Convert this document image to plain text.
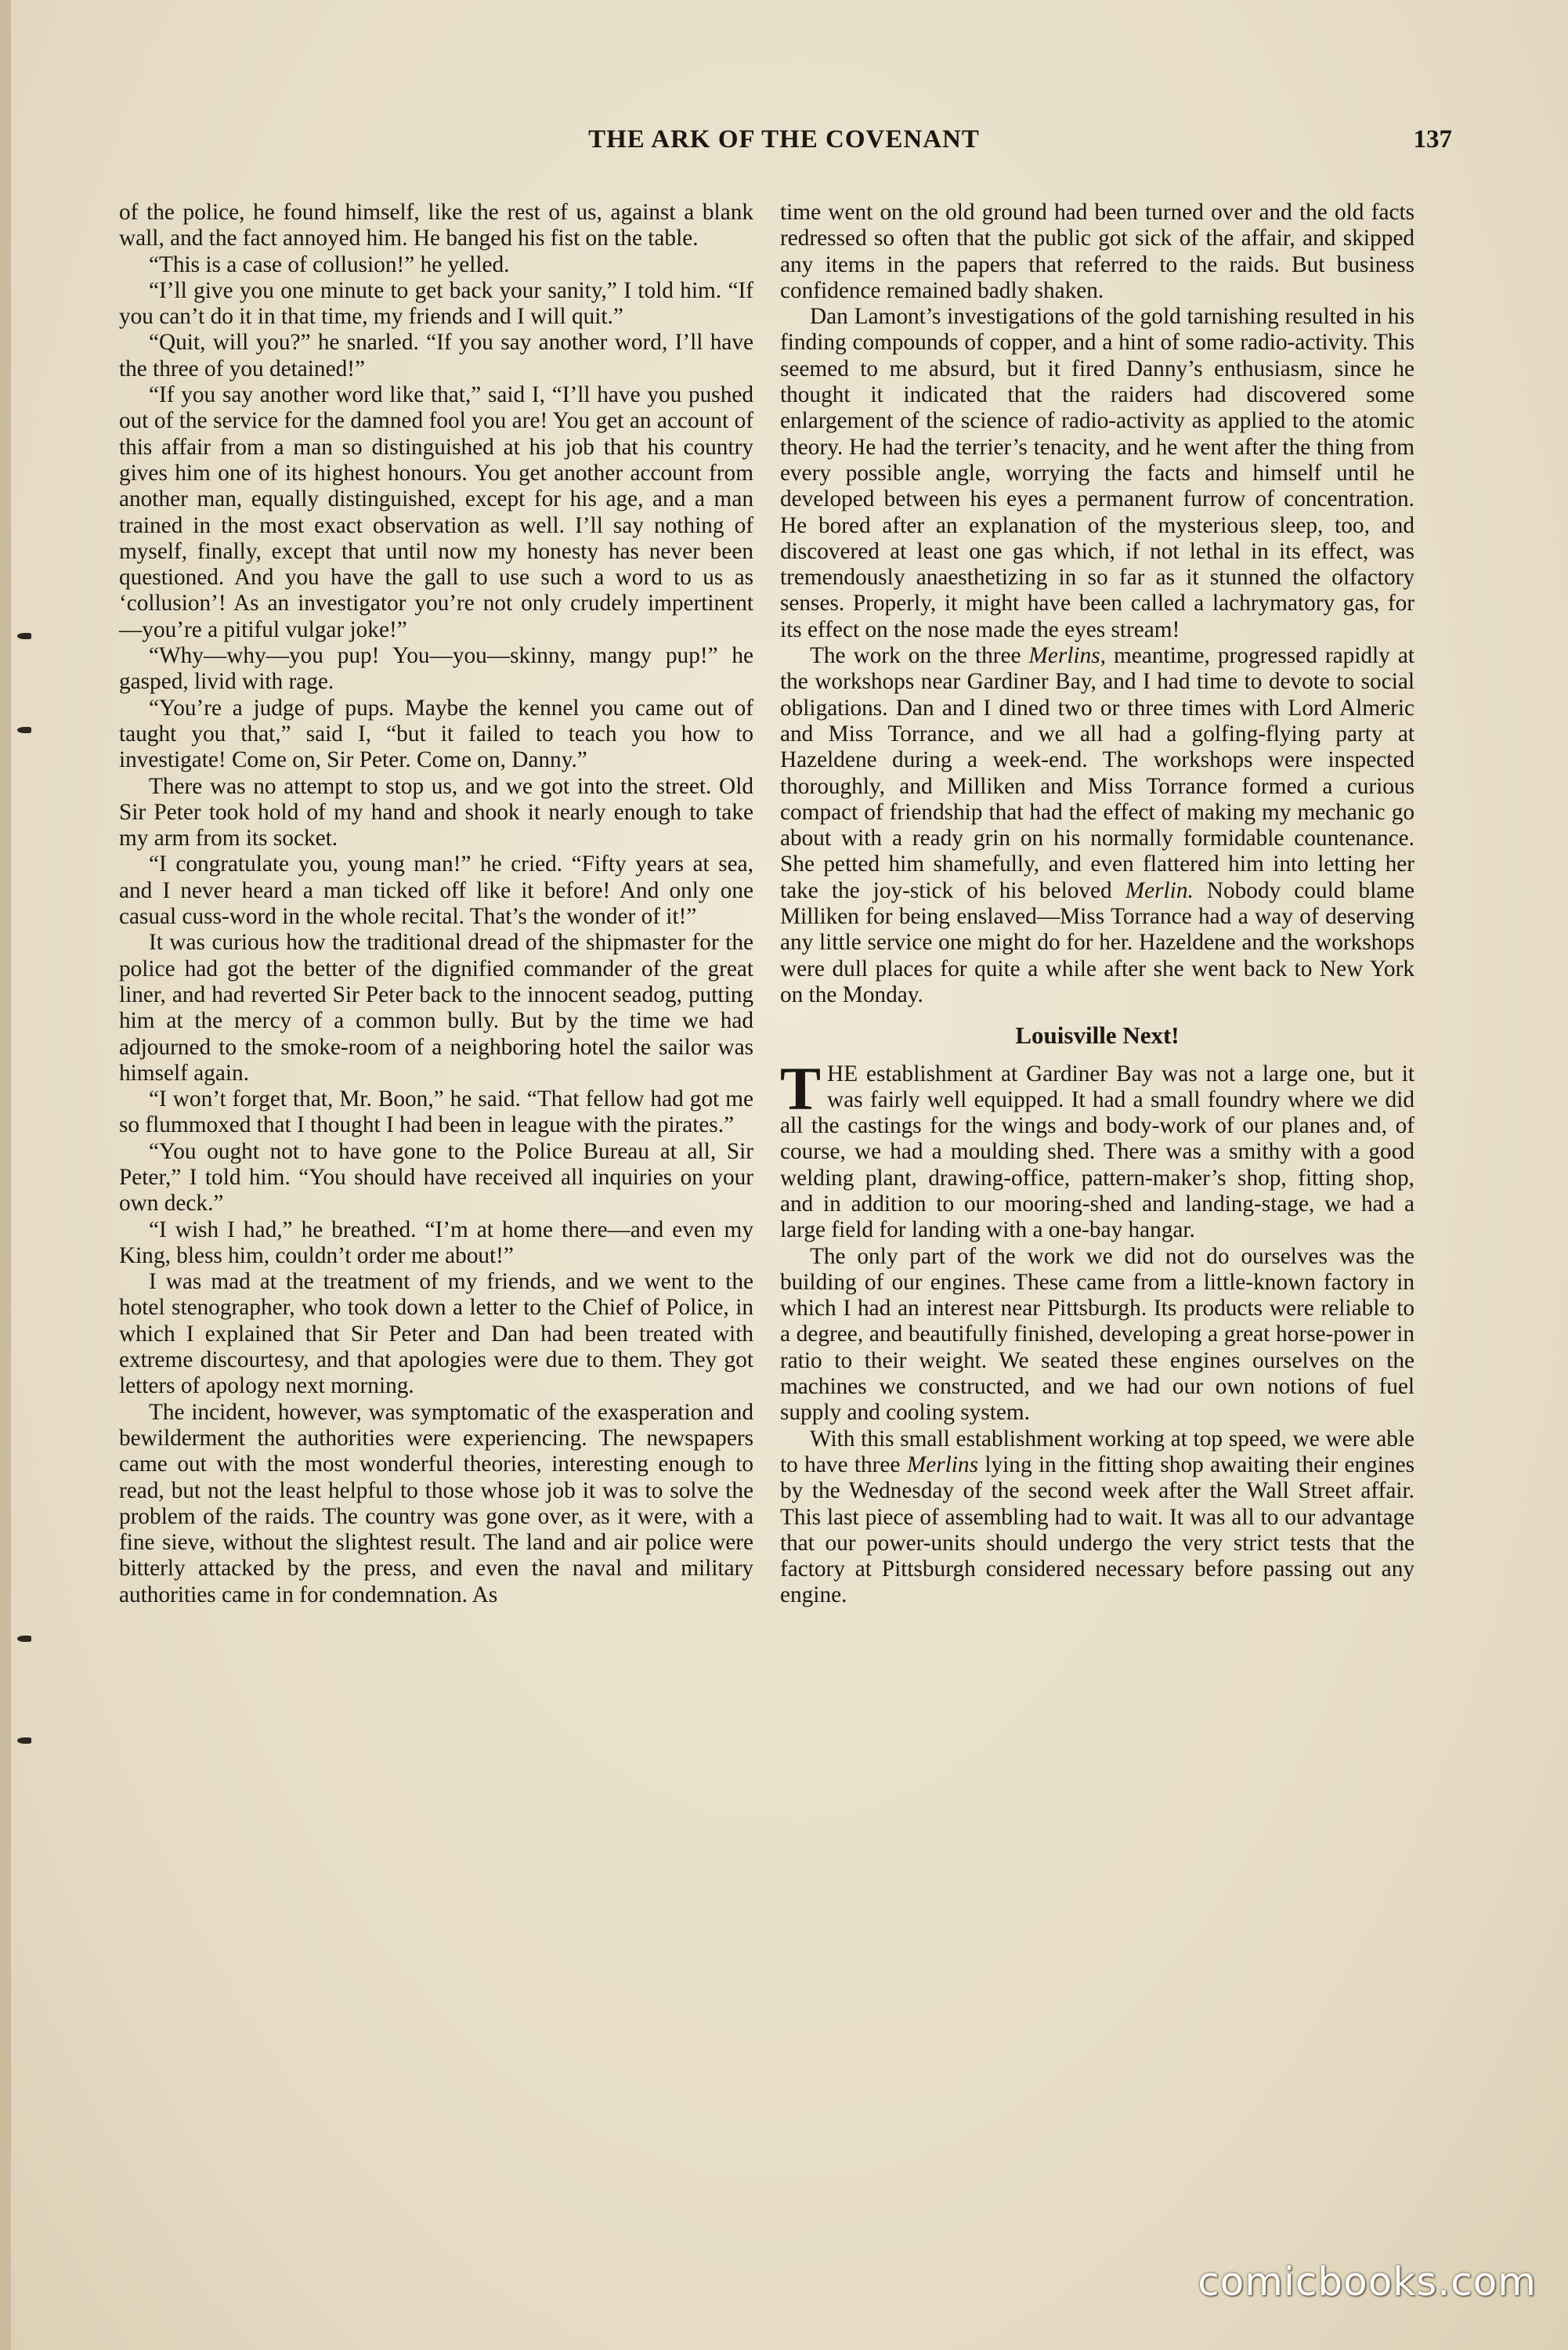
THE ARK OF THE COVENANT	137

of the police, he found himself, like the rest of us, against a blank wall, and the fact annoyed him. He banged his fist on the table.

“This is a case of collusion!” he yelled.

“I’ll give you one minute to get back your sanity,” I told him. “If you can’t do it in that time, my friends and I will quit.”

“Quit, will you?” he snarled. “If you say another word, I’ll have the three of you detained!”

“If you say another word like that,” said I, “I’ll have you pushed out of the service for the damned fool you are! You get an account of this affair from a man so distinguished at his job that his country gives him one of its highest honours. You get another account from another man, equally distinguished, except for his age, and a man trained in the most exact observation as well. I’ll say nothing of myself, finally, except that until now my honesty has never been questioned. And you have the gall to use such a word to us as ‘collusion’! As an investigator you’re not only crudely impertinent—you’re a pitiful vulgar joke!”

“Why—why—you pup! You—you—skinny, mangy pup!” he gasped, livid with rage.

“You’re a judge of pups. Maybe the kennel you came out of taught you that,” said I, “but it failed to teach you how to investigate! Come on, Sir Peter. Come on, Danny.”

There was no attempt to stop us, and we got into the street. Old Sir Peter took hold of my hand and shook it nearly enough to take my arm from its socket.

“I congratulate you, young man!” he cried. “Fifty years at sea, and I never heard a man ticked off like it before! And only one casual cuss-word in the whole recital. That’s the wonder of it!”

It was curious how the traditional dread of the shipmaster for the police had got the better of the dignified commander of the great liner, and had reverted Sir Peter back to the innocent seadog, putting him at the mercy of a common bully. But by the time we had adjourned to the smoke-room of a neighboring hotel the sailor was himself again.

“I won’t forget that, Mr. Boon,” he said. “That fellow had got me so flummoxed that I thought I had been in league with the pirates.”

“You ought not to have gone to the Police Bureau at all, Sir Peter,” I told him. “You should have received all inquiries on your own deck.”

“I wish I had,” he breathed. “I’m at home there—and even my King, bless him, couldn’t order me about!”

I was mad at the treatment of my friends, and we went to the hotel stenographer, who took down a letter to the Chief of Police, in which I explained that Sir Peter and Dan had been treated with extreme discourtesy, and that apologies were due to them. They got letters of apology next morning.

The incident, however, was symptomatic of the exasperation and bewilderment the authorities were experiencing. The newspapers came out with the most wonderful theories, interesting enough to read, but not the least helpful to those whose job it was to solve the problem of the raids. The country was gone over, as it were, with a fine sieve, without the slightest result. The land and air police were bitterly attacked by the press, and even the naval and military authorities came in for condemnation. As

time went on the old ground had been turned over and the old facts redressed so often that the public got sick of the affair, and skipped any items in the papers that referred to the raids. But business confidence remained badly shaken.

Dan Lamont’s investigations of the gold tarnishing resulted in his finding compounds of copper, and a hint of some radio-activity. This seemed to me absurd, but it fired Danny’s enthusiasm, since he thought it indicated that the raiders had discovered some enlargement of the science of radio-activity as applied to the atomic theory. He had the terrier’s tenacity, and he went after the thing from every possible angle, worrying the facts and himself until he developed between his eyes a permanent furrow of concentration. He bored after an explanation of the mysterious sleep, too, and discovered at least one gas which, if not lethal in its effect, was tremendously anaesthetizing in so far as it stunned the olfactory senses. Properly, it might have been called a lachrymatory gas, for its effect on the nose made the eyes stream!

The work on the three Merlins, meantime, progressed rapidly at the workshops near Gardiner Bay, and I had time to devote to social obligations. Dan and I dined two or three times with Lord Almeric and Miss Torrance, and we all had a golfing-flying party at Hazeldene during a week-end. The workshops were inspected thoroughly, and Milliken and Miss Torrance formed a curious compact of friendship that had the effect of making my mechanic go about with a ready grin on his normally formidable countenance. She petted him shamefully, and even flattered him into letting her take the joy-stick of his beloved Merlin. Nobody could blame Milliken for being enslaved—Miss Torrance had a way of deserving any little service one might do for her. Hazeldene and the workshops were dull places for quite a while after she went back to New York on the Monday.

Louisville Next!

THE establishment at Gardiner Bay was not a large one, but it was fairly well equipped. It had a small foundry where we did all the castings for the wings and body-work of our planes and, of course, we had a moulding shed. There was a smithy with a good welding plant, drawing-office, pattern-maker’s shop, fitting shop, and in addition to our mooring-shed and landing-stage, we had a large field for landing with a one-bay hangar.

The only part of the work we did not do ourselves was the building of our engines. These came from a little-known factory in which I had an interest near Pittsburgh. Its products were reliable to a degree, and beautifully finished, developing a great horse-power in ratio to their weight. We seated these engines ourselves on the machines we constructed, and we had our own notions of fuel supply and cooling system.

With this small establishment working at top speed, we were able to have three Merlins lying in the fitting shop awaiting their engines by the Wednesday of the second week after the Wall Street affair. This last piece of assembling had to wait. It was all to our advantage that our power-units should undergo the very strict tests that the factory at Pittsburgh considered necessary before passing out any engine.

comicbooks.com
